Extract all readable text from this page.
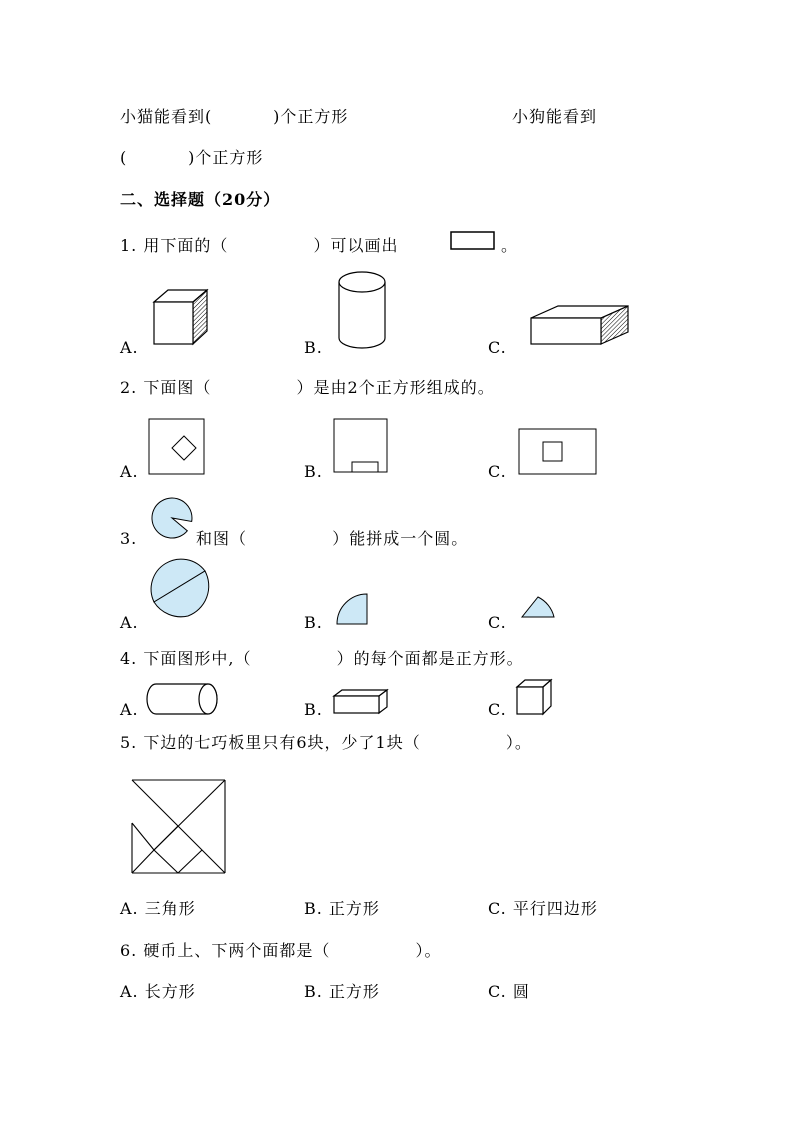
小猫能看到(          )个正方形	小狗能看到
(          )个正方形
二、选择题（20分）
1. 用下面的（              ）可以画出	。
A.	B.	C.
2. 下面图（              ）是由2个正方形组成的。
A.	B.	C.
3.	和图（              ）能拼成一个圆。
A.	B.	C.
4. 下面图形中,（              ）的每个面都是正方形。
A.	B.	C.
5. 下边的七巧板里只有6块，少了1块（              ）。
A. 三角形	B. 正方形	C. 平行四边形
6. 硬币上、下两个面都是（              ）。
A. 长方形	B. 正方形	C. 圆
